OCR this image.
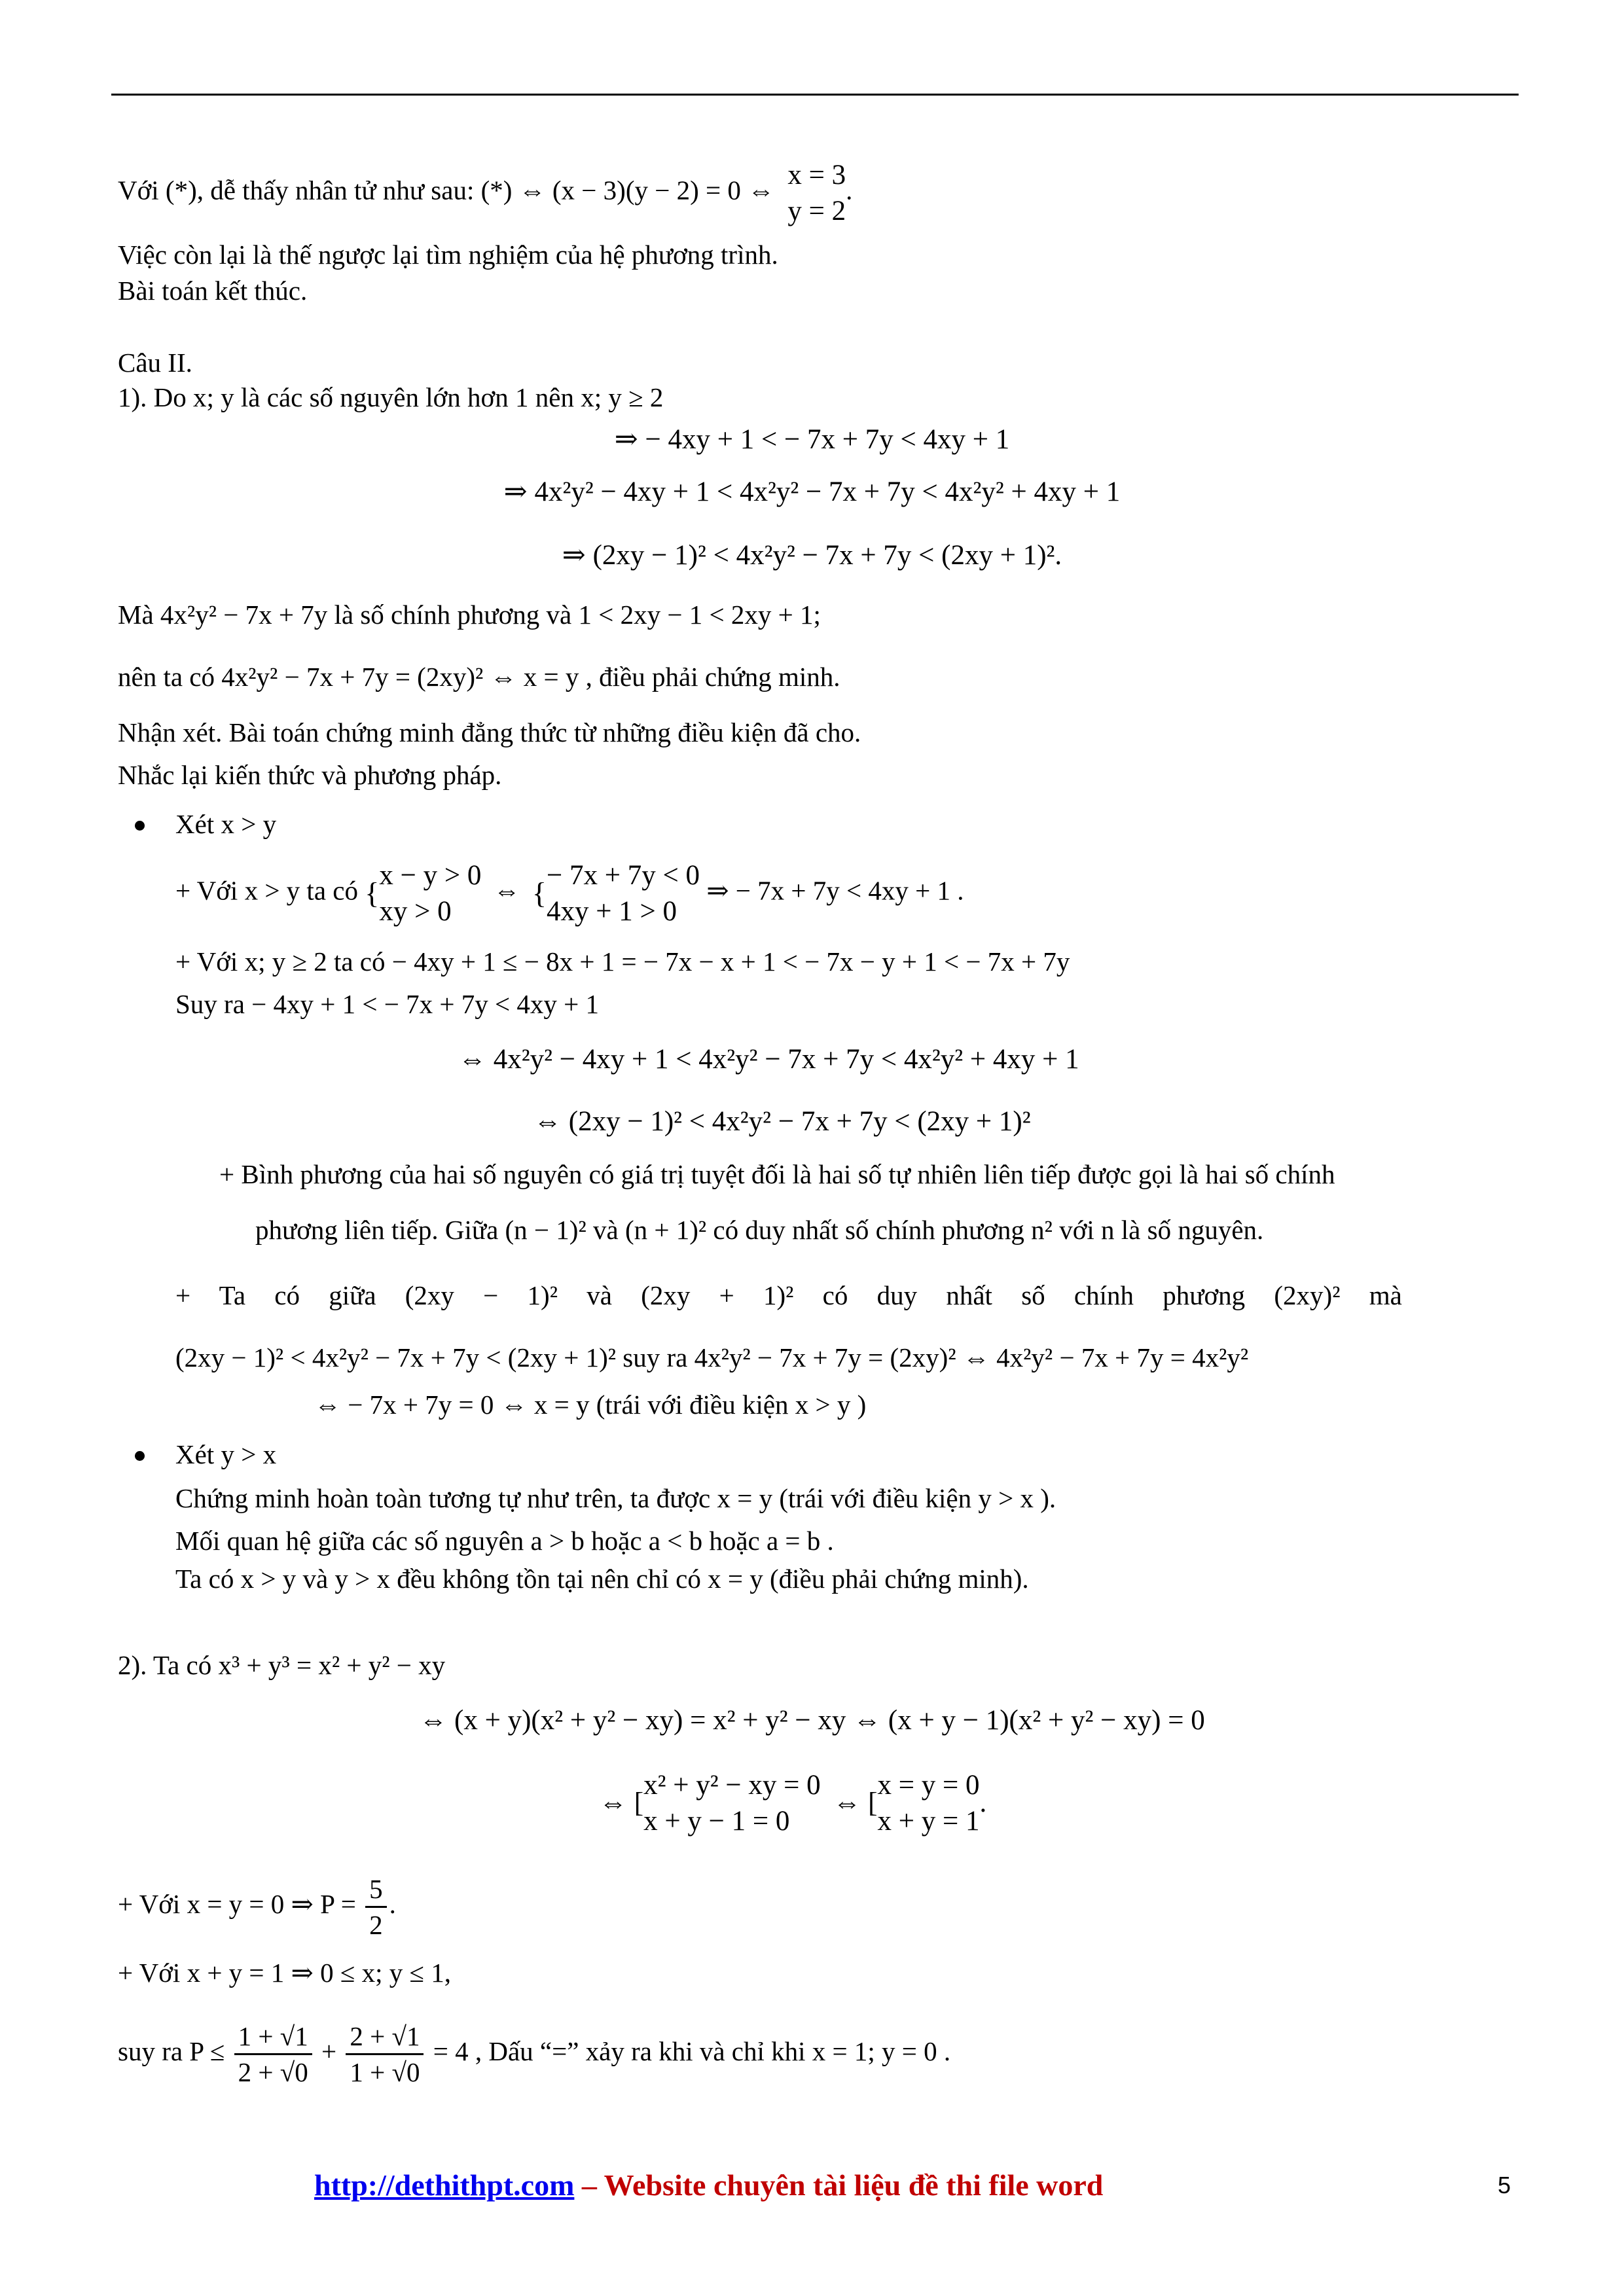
Với (*), dễ thấy nhân tử như sau: (*) ⇔ (x − 3)(y − 2) = 0 ⇔ x = 3
y = 2
.
Việc còn lại là thế ngược lại tìm nghiệm của hệ phương trình.
Bài toán kết thúc.
Câu II.
1). Do x; y là các số nguyên lớn hơn 1 nên x; y ≥ 2
⇒ − 4xy + 1 < − 7x + 7y < 4xy + 1
⇒ 4x²y² − 4xy + 1 < 4x²y² − 7x + 7y < 4x²y² + 4xy + 1
⇒ (2xy − 1)² < 4x²y² − 7x + 7y < (2xy + 1)².
Mà 4x²y² − 7x + 7y là số chính phương và 1 < 2xy − 1 < 2xy + 1;
nên ta có 4x²y² − 7x + 7y = (2xy)² ⇔ x = y , điều phải chứng minh.
Nhận xét. Bài toán chứng minh đẳng thức từ những điều kiện đã cho.
Nhắc lại kiến thức và phương pháp.
Xét x > y
+ Với x > y ta có {
x − y > 0
xy > 0
⇔ {
− 7x + 7y < 0
4xy + 1 > 0
⇒ − 7x + 7y < 4xy + 1 .
+ Với x; y ≥ 2 ta có − 4xy + 1 ≤ − 8x + 1 = − 7x − x + 1 < − 7x − y + 1 < − 7x + 7y
Suy ra − 4xy + 1 < − 7x + 7y < 4xy + 1
⇔ 4x²y² − 4xy + 1 < 4x²y² − 7x + 7y < 4x²y² + 4xy + 1
⇔ (2xy − 1)² < 4x²y² − 7x + 7y < (2xy + 1)²
+ Bình phương của hai số nguyên có giá trị tuyệt đối là hai số tự nhiên liên tiếp được gọi là hai số chính
phương liên tiếp. Giữa (n − 1)² và (n + 1)² có duy nhất số chính phương n² với n là số nguyên.
+ Ta có giữa (2xy − 1)² và (2xy + 1)² có duy nhất số chính phương (2xy)² mà
(2xy − 1)² < 4x²y² − 7x + 7y < (2xy + 1)² suy ra 4x²y² − 7x + 7y = (2xy)² ⇔ 4x²y² − 7x + 7y = 4x²y²
⇔ − 7x + 7y = 0 ⇔ x = y (trái với điều kiện x > y )
Xét y > x
Chứng minh hoàn toàn tương tự như trên, ta được x = y (trái với điều kiện y > x ).
Mối quan hệ giữa các số nguyên a > b hoặc a < b hoặc a = b .
Ta có x > y và y > x đều không tồn tại nên chỉ có x = y (điều phải chứng minh).
2). Ta có x³ + y³ = x² + y² − xy
⇔ (x + y)(x² + y² − xy) = x² + y² − xy ⇔ (x + y − 1)(x² + y² − xy) = 0
⇔ [
x² + y² − xy = 0
x + y − 1 = 0
⇔ [
x = y = 0
x + y = 1
.
+ Với x = y = 0 ⇒ $P = \frac{5}{2}$ .
+ Với x + y = 1 ⇒ 0 ≤ x; y ≤ 1,
suy ra $P \le \frac{1 + √1}{2 + √0} + \frac{2 + √1}{1 + √0} = 4$ , Dấu “=” xảy ra khi và chỉ khi x = 1; y = 0 .
http://dethithpt.com – Website chuyên tài liệu đề thi file word	5
